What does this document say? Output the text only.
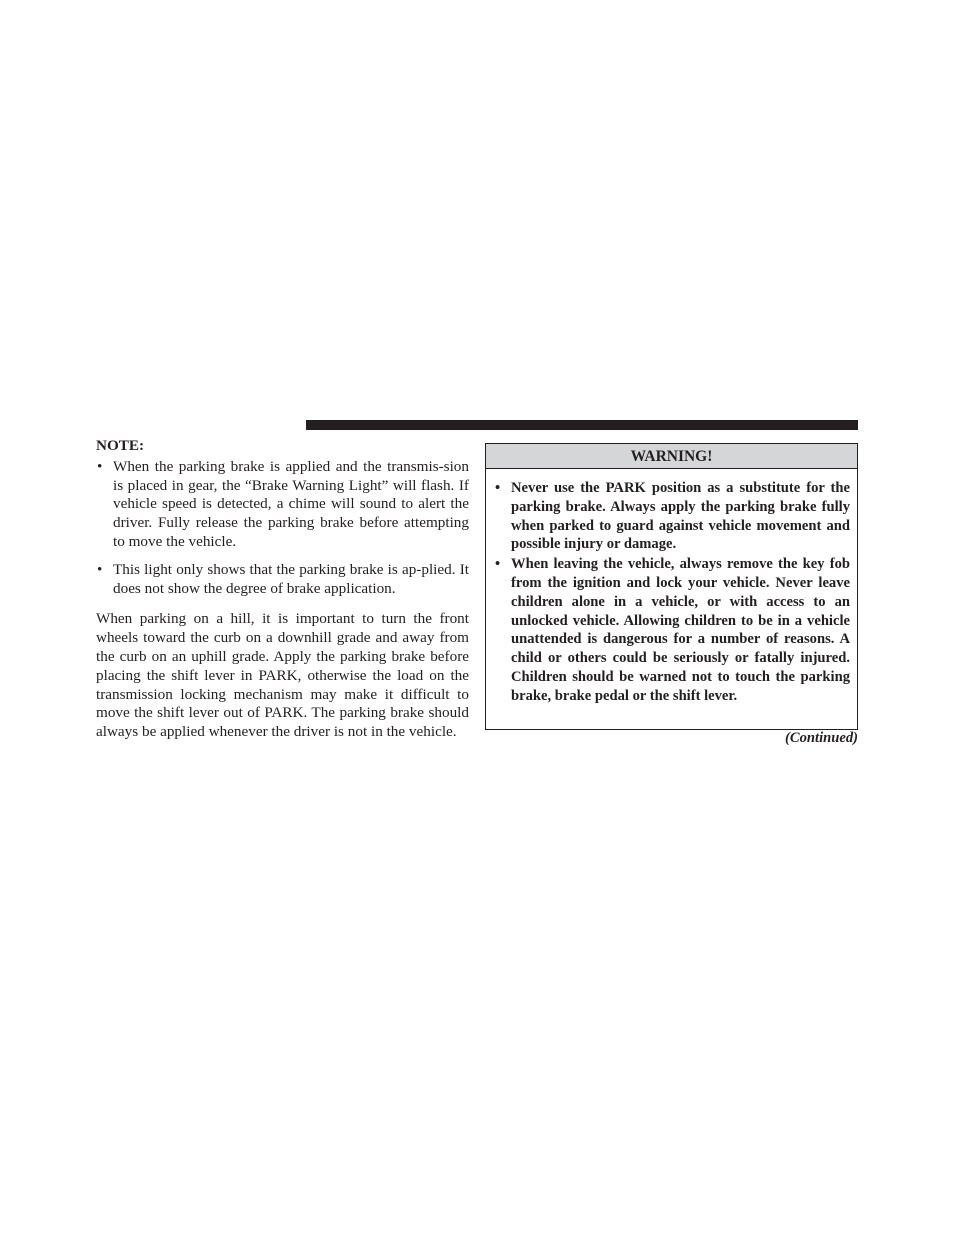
NOTE:
• When the parking brake is applied and the transmis-sion is placed in gear, the “Brake Warning Light” will flash. If vehicle speed is detected, a chime will sound to alert the driver. Fully release the parking brake before attempting to move the vehicle.
• This light only shows that the parking brake is ap-plied. It does not show the degree of brake application.

When parking on a hill, it is important to turn the front wheels toward the curb on a downhill grade and away from the curb on an uphill grade. Apply the parking brake before placing the shift lever in PARK, otherwise the load on the transmission locking mechanism may make it difficult to move the shift lever out of PARK. The parking brake should always be applied whenever the driver is not in the vehicle.

WARNING!
• Never use the PARK position as a substitute for the parking brake. Always apply the parking brake fully when parked to guard against vehicle movement and possible injury or damage.
• When leaving the vehicle, always remove the key fob from the ignition and lock your vehicle. Never leave children alone in a vehicle, or with access to an unlocked vehicle. Allowing children to be in a vehicle unattended is dangerous for a number of reasons. A child or others could be seriously or fatally injured. Children should be warned not to touch the parking brake, brake pedal or the shift lever.
(Continued)
